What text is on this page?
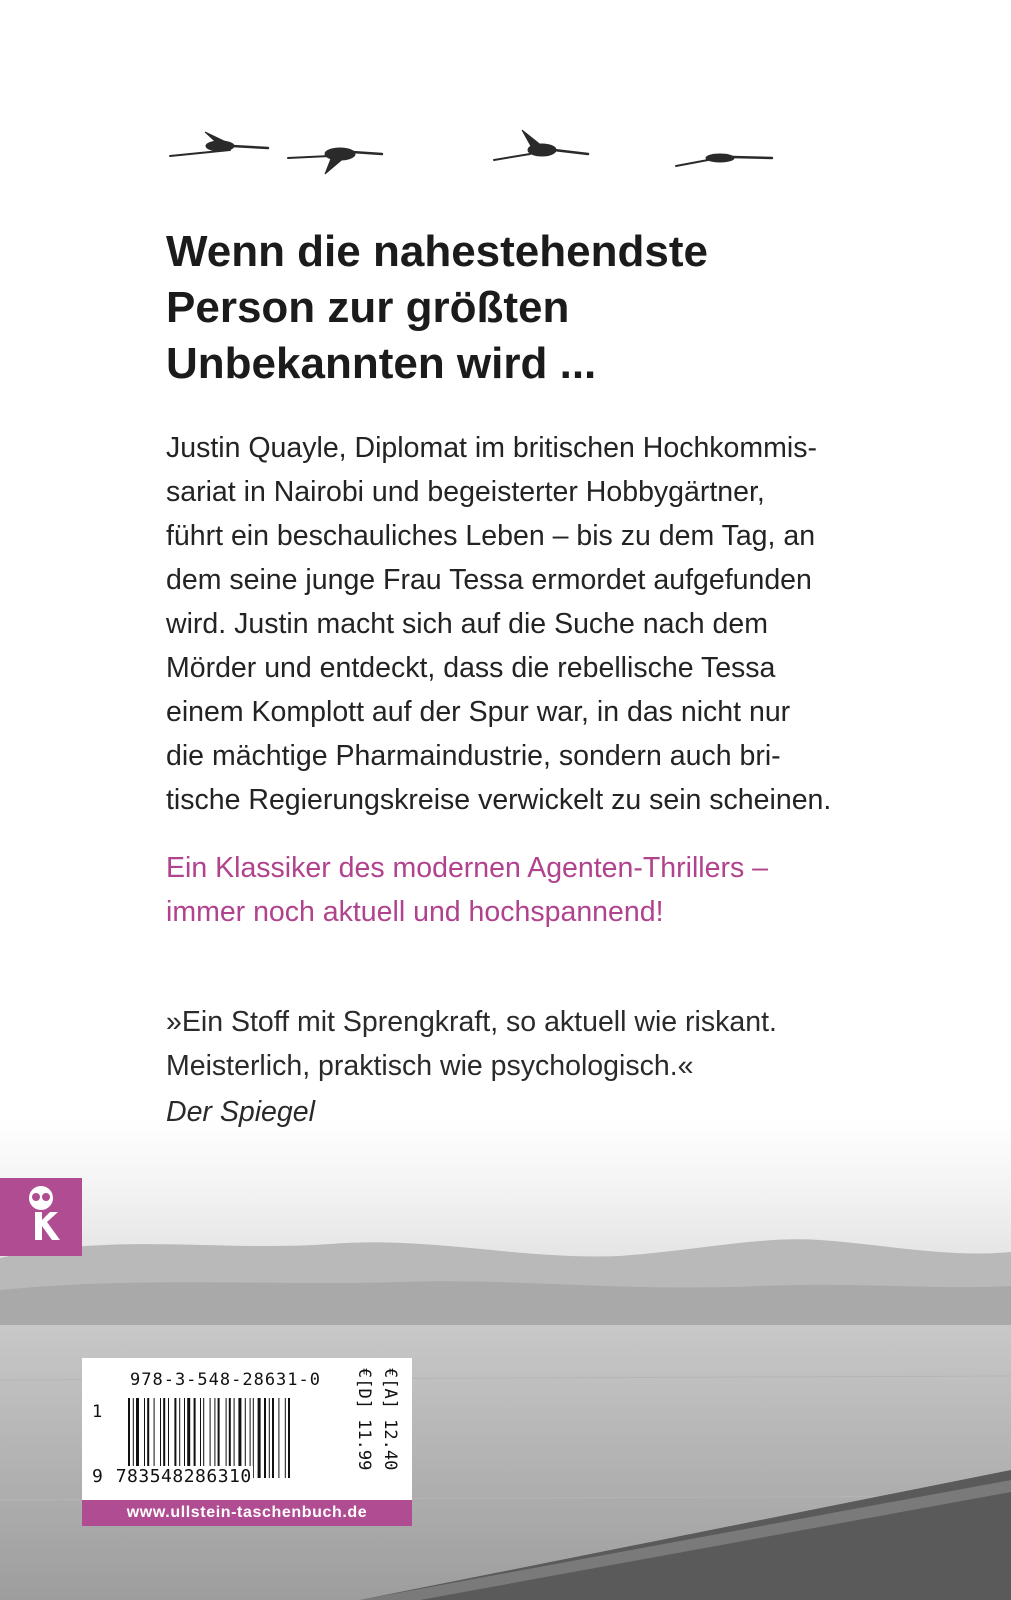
Wenn die nahestehendste
Person zur größten
Unbekannten wird ...

Justin Quayle, Diplomat im britischen Hochkommis-
sariat in Nairobi und begeisterter Hobbygärtner,
führt ein beschauliches Leben – bis zu dem Tag, an
dem seine junge Frau Tessa ermordet aufgefunden
wird. Justin macht sich auf die Suche nach dem
Mörder und entdeckt, dass die rebellische Tessa
einem Komplott auf der Spur war, in das nicht nur
die mächtige Pharmaindustrie, sondern auch bri-
tische Regierungskreise verwickelt zu sein scheinen.

Ein Klassiker des modernen Agenten-Thrillers –
immer noch aktuell und hochspannend!

»Ein Stoff mit Sprengkraft, so aktuell wie riskant.
Meisterlich, praktisch wie psychologisch.«
Der Spiegel

978-3-548-28631-0
1
9 783548286310
€[D] 11.99 €[A] 12.40
www.ullstein-taschenbuch.de
